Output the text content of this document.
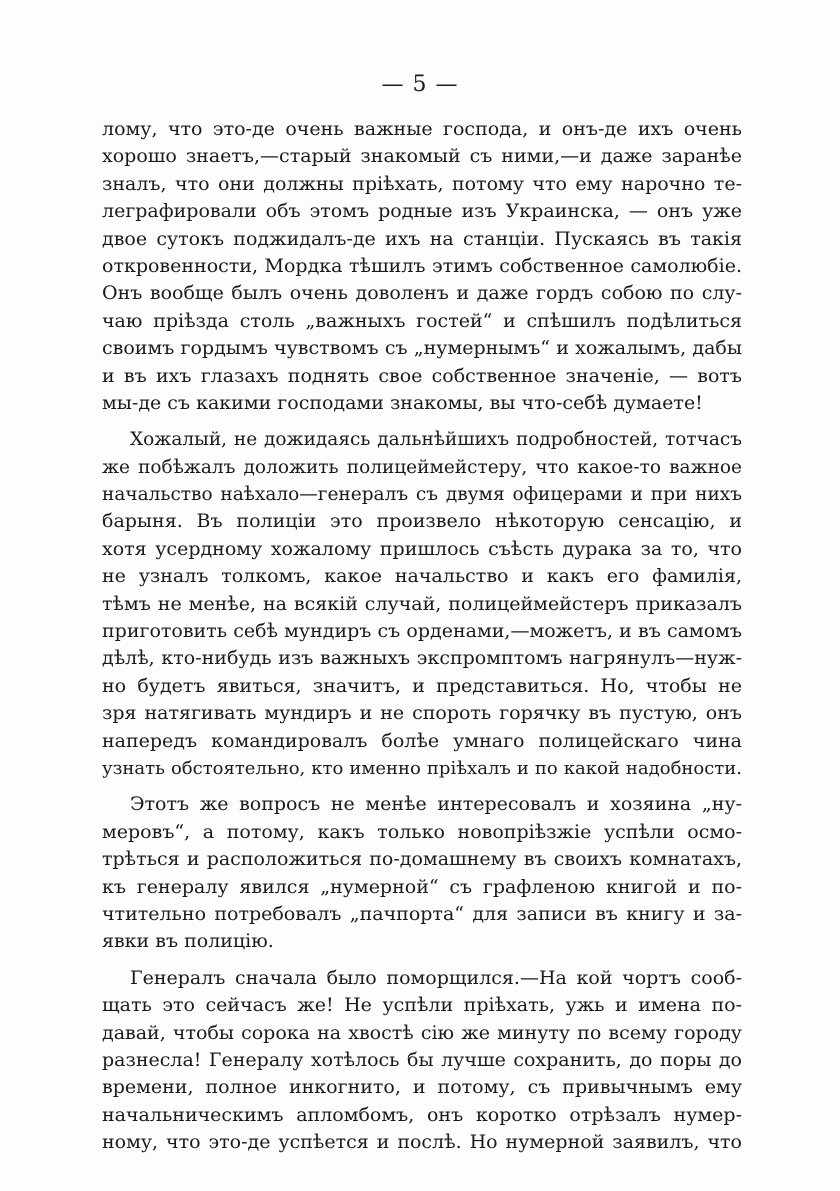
— 5 —
лому, что это-де очень важные господа, и онъ-де ихъ очень
хорошо знаетъ,—старый знакомый съ ними,—и даже заранѣе
зналъ, что они должны пріѣхать, потому что ему нарочно те-
леграфировали объ этомъ родные изъ Украинска, — онъ уже
двое сутокъ поджидалъ-де ихъ на станціи. Пускаясь въ такія
откровенности, Мордка тѣшилъ этимъ собственное самолюбіе.
Онъ вообще былъ очень доволенъ и даже гордъ собою по слу-
чаю пріѣзда столь „важныхъ гостей“ и спѣшилъ подѣлиться
своимъ гордымъ чувствомъ съ „нумернымъ“ и хожалымъ, дабы
и въ ихъ глазахъ поднять свое собственное значеніе, — вотъ
мы-де съ какими господами знакомы, вы что-себѣ думаете!
Хожалый, не дожидаясь дальнѣйшихъ подробностей, тотчасъ
же побѣжалъ доложить полицеймейстеру, что какое-то важное
начальство наѣхало—генералъ съ двумя офицерами и при нихъ
барыня. Въ полиціи это произвело нѣкоторую сенсацію, и
хотя усердному хожалому пришлось съѣсть дурака за то, что
не узналъ толкомъ, какое начальство и какъ его фамилія,
тѣмъ не менѣе, на всякій случай, полицеймейстеръ приказалъ
приготовить себѣ мундиръ съ орденами,—можетъ, и въ самомъ
дѣлѣ, кто-нибудь изъ важныхъ экспромптомъ нагрянулъ—нуж-
но будетъ явиться, значитъ, и представиться. Но, чтобы не
зря натягивать мундиръ и не спороть горячку въ пустую, онъ
напередъ командировалъ болѣе умнаго полицейскаго чина
узнать обстоятельно, кто именно пріѣхалъ и по какой надобности.
Этотъ же вопросъ не менѣе интересовалъ и хозяина „ну-
меровъ“, а потому, какъ только новопріѣзжіе успѣли осмо-
трѣться и расположиться по-домашнему въ своихъ комнатахъ,
къ генералу явился „нумерной“ съ графленою книгой и по-
чтительно потребовалъ „пачпорта“ для записи въ книгу и за-
явки въ полицію.
Генералъ сначала было поморщился.—На кой чортъ сооб-
щать это сейчасъ же! Не успѣли пріѣхать, ужь и имена по-
давай, чтобы сорока на хвостѣ сію же минуту по всему городу
разнесла! Генералу хотѣлось бы лучше сохранить, до поры до
времени, полное инкогнито, и потому, съ привычнымъ ему
начальническимъ апломбомъ, онъ коротко отрѣзалъ нумер-
ному, что это-де успѣется и послѣ. Но нумерной заявилъ, что
